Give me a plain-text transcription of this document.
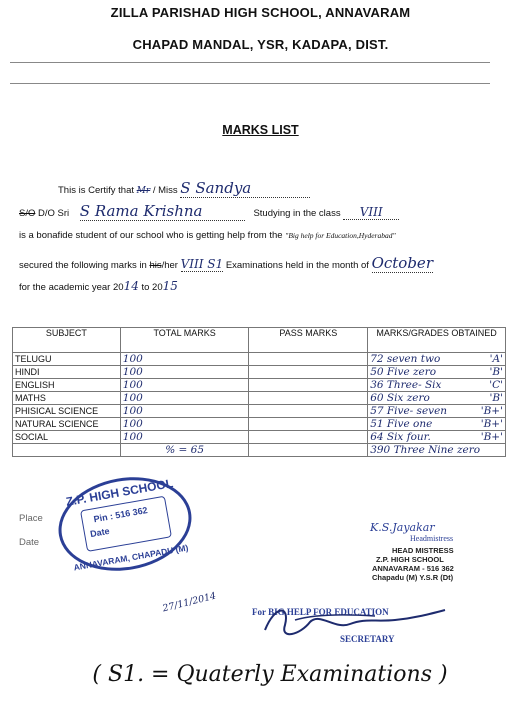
ZILLA PARISHAD HIGH SCHOOL, ANNAVARAM
CHAPAD MANDAL, YSR, KADAPA, DIST.
MARKS LIST
This is Certify that Mr / Miss S Sandya
S/O D/O Sri S Rama Krishna	Studying in the class VIII
is a bonafide student of our school who is getting help from the "Big help for Education,Hyderabad"
secured the following marks in his/her VIII S1 Examinations held in the month of October
for the academic year 2014 to 2015
SUBJECT	TOTAL MARKS	PASS MARKS	MARKS/GRADES OBTAINED
TELUGU	100		72 seven two 'A'

HINDI	100		50 Five zero 'B'

ENGLISH	100		36 Three- Six 'C'

MATHS	100		60 Six zero 'B'

PHISICAL SCIENCE	100		57 Five- seven 'B+'

NATURAL SCIENCE	100		51 Five one 'B+'

SOCIAL	100		64 Six four. 'B+'

	% = 65		390 Three Nine zero
Place
Date
Z.P. HIGH SCHOOL
Pin : 516 362
Date
ANNAVARAM, CHAPADU (M)
27/11/2014
K.S.Jayakar
Headmistress
HEAD MISTRESS
Z.P. HIGH SCHOOL
ANNAVARAM - 516 362
Chapadu (M) Y.S.R (Dt)
For BIG HELP FOR EDUCATION
SECRETARY
( S1. = Quaterly Examinations )
